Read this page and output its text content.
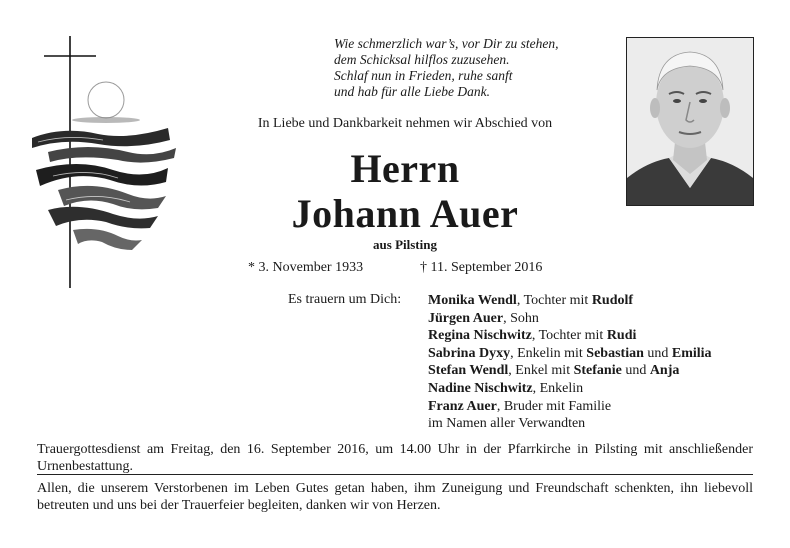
Wie schmerzlich war’s, vor Dir zu stehen,
dem Schicksal hilflos zuzusehen.
Schlaf nun in Frieden, ruhe sanft
und hab für alle Liebe Dank.
In Liebe und Dankbarkeit nehmen wir Abschied von
Herrn
Johann Auer
aus Pilsting
* 3. November 1933	† 11. September 2016
Es trauern um Dich: Monika Wendl, Tochter mit Rudolf
Jürgen Auer, Sohn
Regina Nischwitz, Tochter mit Rudi
Sabrina Dyxy, Enkelin mit Sebastian und Emilia
Stefan Wendl, Enkel mit Stefanie und Anja
Nadine Nischwitz, Enkelin
Franz Auer, Bruder mit Familie
im Namen aller Verwandten
Trauergottesdienst am Freitag, den 16. September 2016, um 14.00 Uhr in der Pfarrkirche in Pilsting mit anschließender Urnenbestattung.
Allen, die unserem Verstorbenen im Leben Gutes getan haben, ihm Zuneigung und Freundschaft schenkten, ihn liebevoll betreuten und uns bei der Trauerfeier begleiten, danken wir von Herzen.
